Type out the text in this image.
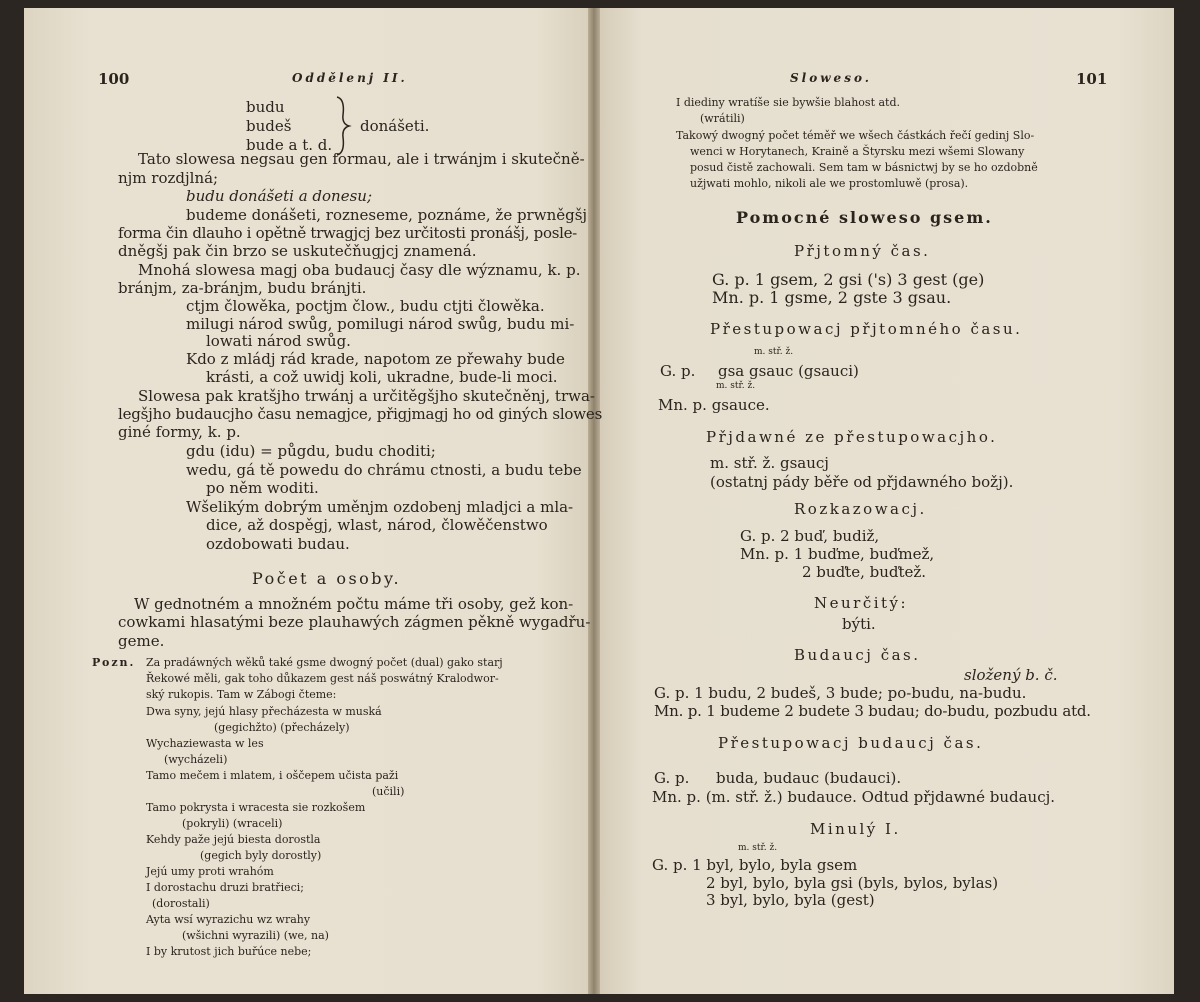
100	Oddělenj II.
budu
budeš
bude a t. d.
donášeti.
Tato slowesa negsau gen formau, ale i trwánjm i skutečně-
njm rozdjlná;
budu donášeti a donesu;
budeme donášeti, rozneseme, poznáme, že prwněgšj
forma čin dlauho i opětně trwagjcj bez určitosti pronášj, posle-
dněgšj pak čin brzo se uskutečňugjcj znamená.
Mnohá slowesa magj oba budaucj časy dle wýznamu, k. p.
bránjm, za-bránjm, budu bránjti.
ctjm člowěka, poctjm člow., budu ctjti člowěka.
milugi národ swůg, pomilugi národ swůg, budu mi-
lowati národ swůg.
Kdo z mládj rád krade, napotom ze přewahy bude
krásti, a což uwidj koli, ukradne, bude-li moci.
Slowesa pak kratšjho trwánj a určitěgšjho skutečněnj, trwa-
legšjho budaucjho času nemagjce, přigjmagj ho od giných slowes
giné formy, k. p.
gdu (idu) = půgdu, budu choditi;
wedu, gá tě powedu do chrámu ctnosti, a budu tebe
po něm woditi.
Wšelikým dobrým uměnjm ozdobenj mladjci a mla-
dice, až dospěgj, wlast, národ, člowěčenstwo
ozdobowati budau.
Počet a osoby.
W gednotném a množném počtu máme tři osoby, gež kon-
cowkami hlasatými beze plauhawých zágmen pěkně wygadřu-
geme.
Pozn. Za pradáwných wěků také gsme dwogný počet (dual) gako starj
Řekowé měli, gak toho důkazem gest náš poswátný Kralodwor-
ský rukopis. Tam w Zábogi čteme:
Dwa syny, jejú hlasy přecházesta w muská
(gegichžto) (přecházely)
Wychaziewasta w les
(wycházeli)
Tamo mečem i mlatem, i oščepem učista paži
(učili)
Tamo pokrysta i wracesta sie rozkošem
(pokryli) (wraceli)
Kehdy paže jejú biesta dorostla
(gegich byly dorostly)
Jejú umy proti wrahóm
I dorostachu druzi bratřieci;
(dorostali)
Ayta wsí wyrazichu wz wrahy
(wšichni wyrazili) (we, na)
I by krutost jich buřúce nebe;
Sloweso.	101
I diediny wratíše sie bywšie blahost atd.
(wrátili)
Takowý dwogný počet téměř we wšech částkách řečí gedinj Slo-
wenci w Horytanech, Kraině a Štyrsku mezi wšemi Slowany
posud čistě zachowali. Sem tam w básnictwj by se ho ozdobně
užjwati mohlo, nikoli ale we prostomluwě (prosa).
Pomocné sloweso gsem.
Přjtomný čas.
G. p. 1 gsem, 2 gsi ('s) 3 gest (ge)
Mn. p. 1 gsme, 2 gste 3 gsau.
Přestupowacj přjtomného času.
m. stř. ž.
G. p. gsa gsauc (gsauci)
m. stř. ž.
Mn. p. gsauce.
Přjdawné ze přestupowacjho.
m. stř. ž. gsaucj
(ostatnj pády běře od přjdawného božj).
Rozkazowacj.
G. p. 2 buď, budiž,
Mn. p. 1 buďme, buďmež,
2 buďte, buďtež.
Neurčitý:
býti.
Budaucj čas.
složený b. č.
G. p. 1 budu, 2 budeš, 3 bude; po-budu, na-budu.
Mn. p. 1 budeme 2 budete 3 budau; do-budu, pozbudu atd.
Přestupowacj budaucj čas.
G. p. buda, budauc (budauci).
Mn. p. (m. stř. ž.) budauce. Odtud přjdawné budaucj.
Minulý I.
m. stř. ž.
G. p. 1 byl, bylo, byla gsem
2 byl, bylo, byla gsi (byls, bylos, bylas)
3 byl, bylo, byla (gest)
